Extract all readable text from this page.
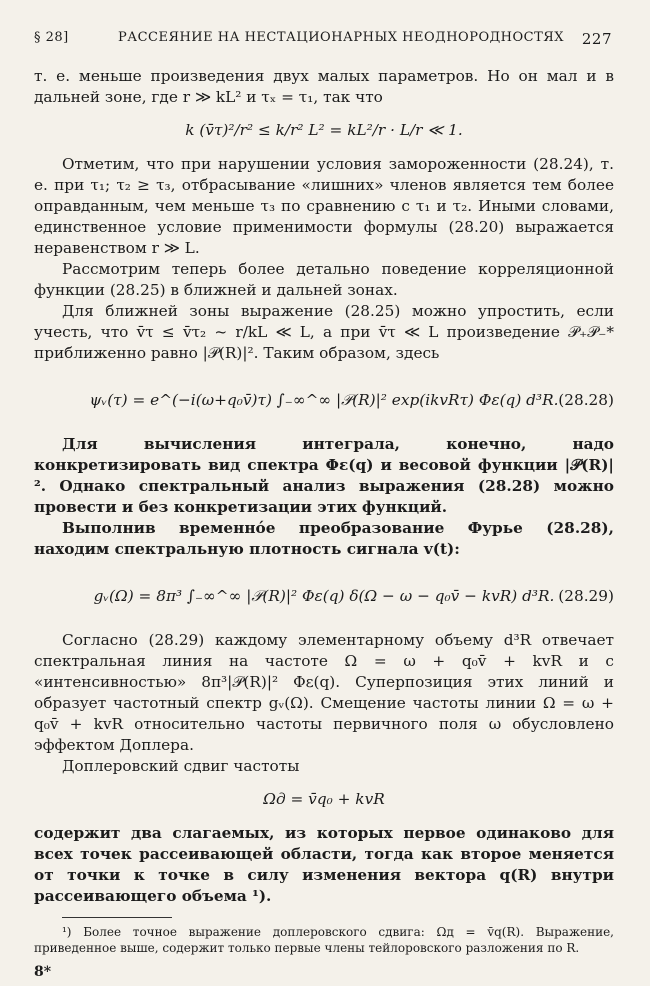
§ 28]	РАССЕЯНИЕ НА НЕСТАЦИОНАРНЫХ НЕОДНОРОДНОСТЯХ 227

т. е. меньше произведения двух малых параметров. Но он мал и в дальней зоне, где r ≫ kL² и τₓ = τ₁, так что

k (v̄τ)²/r² ≤ k/r² L² = kL²/r · L/r ≪ 1.

Отметим, что при нарушении условия замороженности (28.24), т. е. при τ₁; τ₂ ≥ τ₃, отбрасывание «лишних» членов является тем более оправданным, чем меньше τ₃ по сравнению с τ₁ и τ₂. Иными словами, единственное условие применимости формулы (28.20) выражается неравенством r ≫ L.

Рассмотрим теперь более детально поведение корреляционной функции (28.25) в ближней и дальней зонах.

Для ближней зоны выражение (28.25) можно упростить, если учесть, что v̄τ ≤ v̄τ₂ ~ r/kL ≪ L, а при v̄τ ≪ L произведение 𝒫₊𝒫₋* приближенно равно |𝒫(R)|². Таким образом, здесь

ψᵥ(τ) = e^(−i(ω+q₀v̄)τ) ∫₋∞^∞ |𝒫(R)|² exp(ikvRτ) Φε(q) d³R. (28.28)

Для вычисления интеграла, конечно, надо конкретизировать вид спектра Φε(q) и весовой функции |𝒫(R)|². Однако спектральный анализ выражения (28.28) можно провести и без конкретизации этих функций.

Выполнив временнóе преобразование Фурье (28.28), находим спектральную плотность сигнала v(t):

gᵥ(Ω) = 8π³ ∫₋∞^∞ |𝒫(R)|² Φε(q) δ(Ω − ω − q₀v̄ − kvR) d³R. (28.29)

Согласно (28.29) каждому элементарному объему d³R отвечает спектральная линия на частоте Ω = ω + q₀v̄ + kvR и с «интенсивностью» 8π³|𝒫(R)|² Φε(q). Суперпозиция этих линий и образует частотный спектр gᵥ(Ω). Смещение частоты линии Ω = ω + q₀v̄ + kvR относительно частоты первичного поля ω обусловлено эффектом Доплера.

Доплеровский сдвиг частоты

Ωд = v̄q₀ + kvR

содержит два слагаемых, из которых первое одинаково для всех точек рассеивающей области, тогда как второе меняется от точки к точке в силу изменения вектора q(R) внутри рассеивающего объема ¹).

¹) Более точное выражение доплеровского сдвига: Ωд = v̄q(R). Выражение, приведенное выше, содержит только первые члены тейлоровского разложения по R.

8*
